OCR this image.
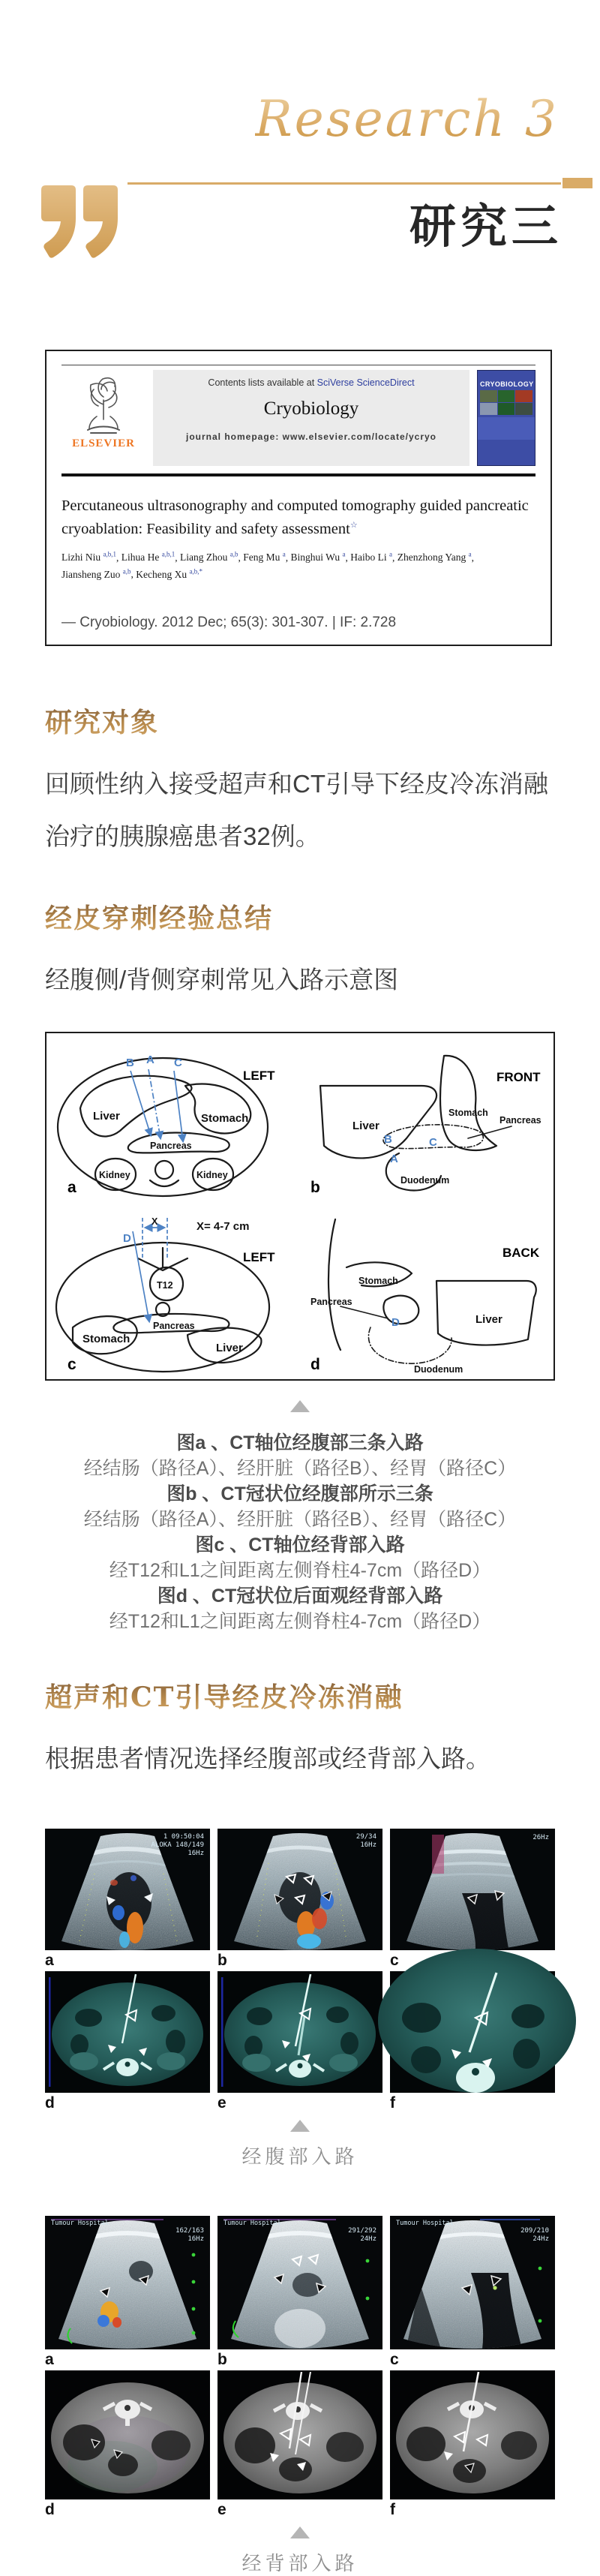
Research 3
研究三
ELSEVIER
Contents lists available at SciVerse ScienceDirect
Cryobiology
journal homepage: www.elsevier.com/locate/ycryo
CRYOBIOLOGY
Percutaneous ultrasonography and computed tomography guided pancreatic cryoablation: Feasibility and safety assessment☆
Lizhi Niu $^{a,b,1}$, Lihua He $^{a,b,1}$, Liang Zhou $^{a,b}$, Feng Mu $^a$, Binghui Wu $^a$, Haibo Li $^a$, Zhenzhong Yang $^a$, Jiansheng Zuo $^{a,b}$, Kecheng Xu $^{a,b,*}$
— Cryobiology. 2012 Dec; 65(3): 301-307. | IF: 2.728
研究对象

回顾性纳入接受超声和CT引导下经皮冷冻消融治疗的胰腺癌患者32例。

经皮穿刺经验总结

经腹侧/背侧穿刺常见入路示意图

B A C
LEFT
Liver	Stomach
Pancreas
Kidney	Kidney
a
FRONT
Liver
Stomach
Pancreas
Duodenum
B
A
C
b
X	X= 4-7 cm
D
LEFT
T12
Pancreas
Stomach
Liver
c
BACK
Stomach
Pancreas
Liver
Duodenum
D
d

图a 、CT轴位经腹部三条入路

经结肠（路径A）、经肝脏（路径B）、经胃（路径C）

图b 、CT冠状位经腹部所示三条

经结肠（路径A）、经肝脏（路径B）、经胃（路径C）

图c 、CT轴位经背部入路

经T12和L1之间距离左侧脊柱4-7cm（路径D）

图d 、CT冠状位后面观经背部入路

经T12和L1之间距离左侧脊柱4-7cm（路径D）

超声和CT引导经皮冷冻消融

根据患者情况选择经腹部或经背部入路。

1 09:50:04
ALOKA 148/149
16Hz
29/34
16Hz
26Hz
a	b	c
d	e	f
经腹部入路
Tumour Hospital
162/163
16Hz
Tumour Hospital
291/292
24Hz
Tumour Hospital
209/210
24Hz
a	b	c
d	e	f
经背部入路
